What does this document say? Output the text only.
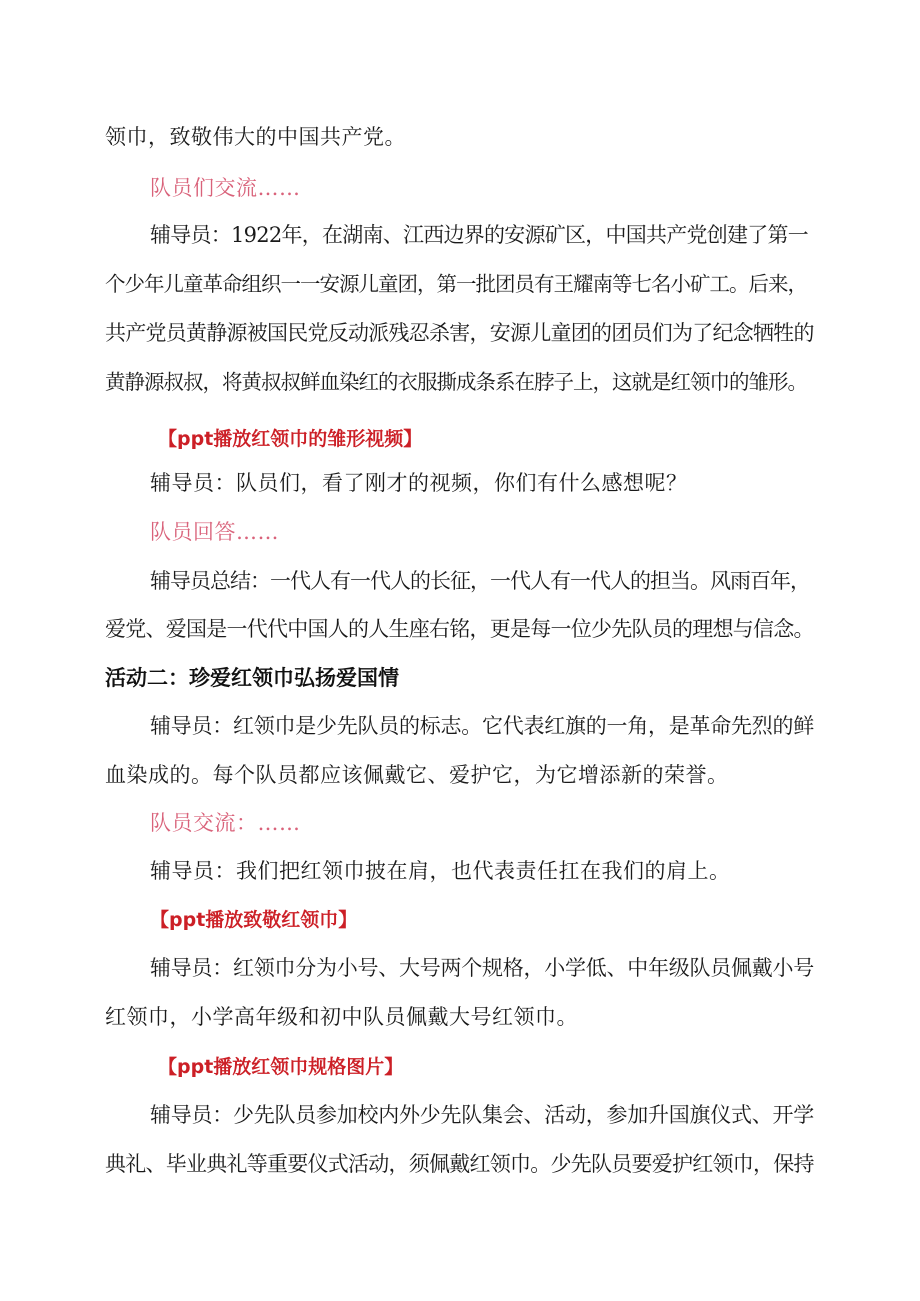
领巾，致敬伟大的中国共产党。
队员们交流……
辅导员：1922年，在湖南、江西边界的安源矿区，中国共产党创建了第一
个少年儿童革命组织一一安源儿童团，第一批团员有王耀南等七名小矿工。后来，
共产党员黄静源被国民党反动派残忍杀害，安源儿童团的团员们为了纪念牺牲的
黄静源叔叔，将黄叔叔鲜血染红的衣服撕成条系在脖子上，这就是红领巾的雏形。
【ppt播放红领巾的雏形视频】
辅导员：队员们，看了刚才的视频，你们有什么感想呢？
队员回答……
辅导员总结：一代人有一代人的长征，一代人有一代人的担当。风雨百年，
爱党、爱国是一代代中国人的人生座右铭，更是每一位少先队员的理想与信念。
活动二：珍爱红领巾弘扬爱国情
辅导员：红领巾是少先队员的标志。它代表红旗的一角，是革命先烈的鲜
血染成的。每个队员都应该佩戴它、爱护它，为它增添新的荣誉。
队员交流：……
辅导员：我们把红领巾披在肩，也代表责任扛在我们的肩上。
【ppt播放致敬红领巾】
辅导员：红领巾分为小号、大号两个规格，小学低、中年级队员佩戴小号
红领巾，小学高年级和初中队员佩戴大号红领巾。
【ppt播放红领巾规格图片】
辅导员：少先队员参加校内外少先队集会、活动，参加升国旗仪式、开学
典礼、毕业典礼等重要仪式活动，须佩戴红领巾。少先队员要爱护红领巾，保持
